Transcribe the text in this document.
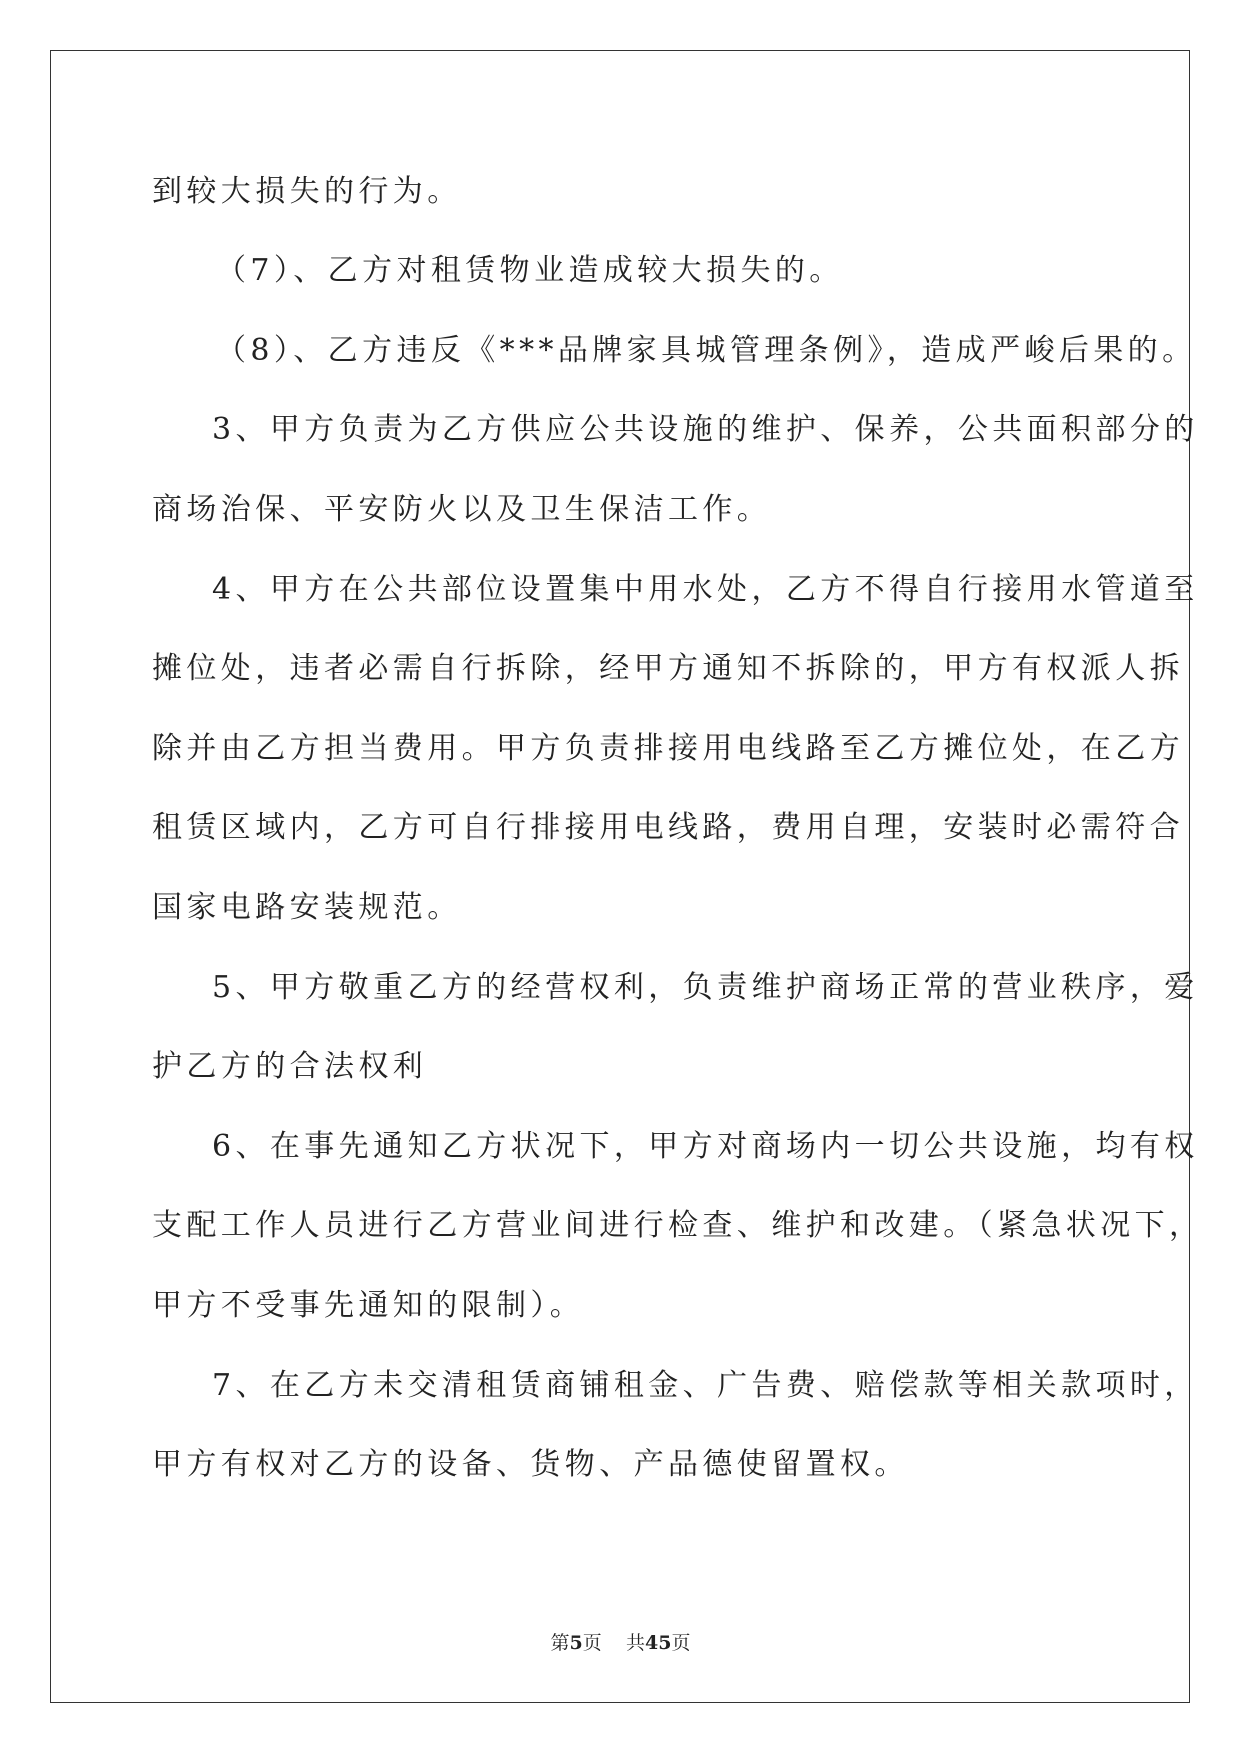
到较大损失的行为。
（7）、乙方对租赁物业造成较大损失的。
（8）、乙方违反《***品牌家具城管理条例》，造成严峻后果的。
3、甲方负责为乙方供应公共设施的维护、保养，公共面积部分的
商场治保、平安防火以及卫生保洁工作。
4、甲方在公共部位设置集中用水处，乙方不得自行接用水管道至
摊位处，违者必需自行拆除，经甲方通知不拆除的，甲方有权派人拆
除并由乙方担当费用。甲方负责排接用电线路至乙方摊位处，在乙方
租赁区域内，乙方可自行排接用电线路，费用自理，安装时必需符合
国家电路安装规范。
5、甲方敬重乙方的经营权利，负责维护商场正常的营业秩序，爱
护乙方的合法权利
6、在事先通知乙方状况下，甲方对商场内一切公共设施，均有权
支配工作人员进行乙方营业间进行检查、维护和改建。（紧急状况下，
甲方不受事先通知的限制）。
7、在乙方未交清租赁商铺租金、广告费、赔偿款等相关款项时，
甲方有权对乙方的设备、货物、产品德使留置权。
第5页 共45页
